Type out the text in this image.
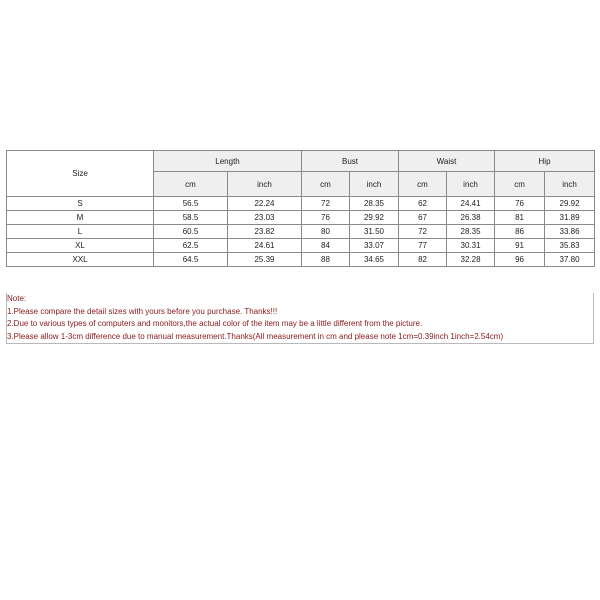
Size	Length		Bust		Waist		Hip	
	cm	inch	cm	inch	cm	inch	cm	inch
S	56.5	22.24	72	28.35	62	24.41	76	29.92
M	58.5	23.03	76	29.92	67	26.38	81	31.89
L	60.5	23.82	80	31.50	72	28.35	86	33.86
XL	62.5	24.61	84	33.07	77	30.31	91	35.83
XXL	64.5	25.39	88	34.65	82	32.28	96	37.80
Note:
1.Please compare the detail sizes with yours before you purchase. Thanks!!!
2.Due to various types of computers and monitors,the actual color of the item may be a little different from the picture.
3.Please allow 1-3cm difference due to manual measurement.Thanks(All measurement in cm and please note 1cm=0.39inch 1inch=2.54cm)
